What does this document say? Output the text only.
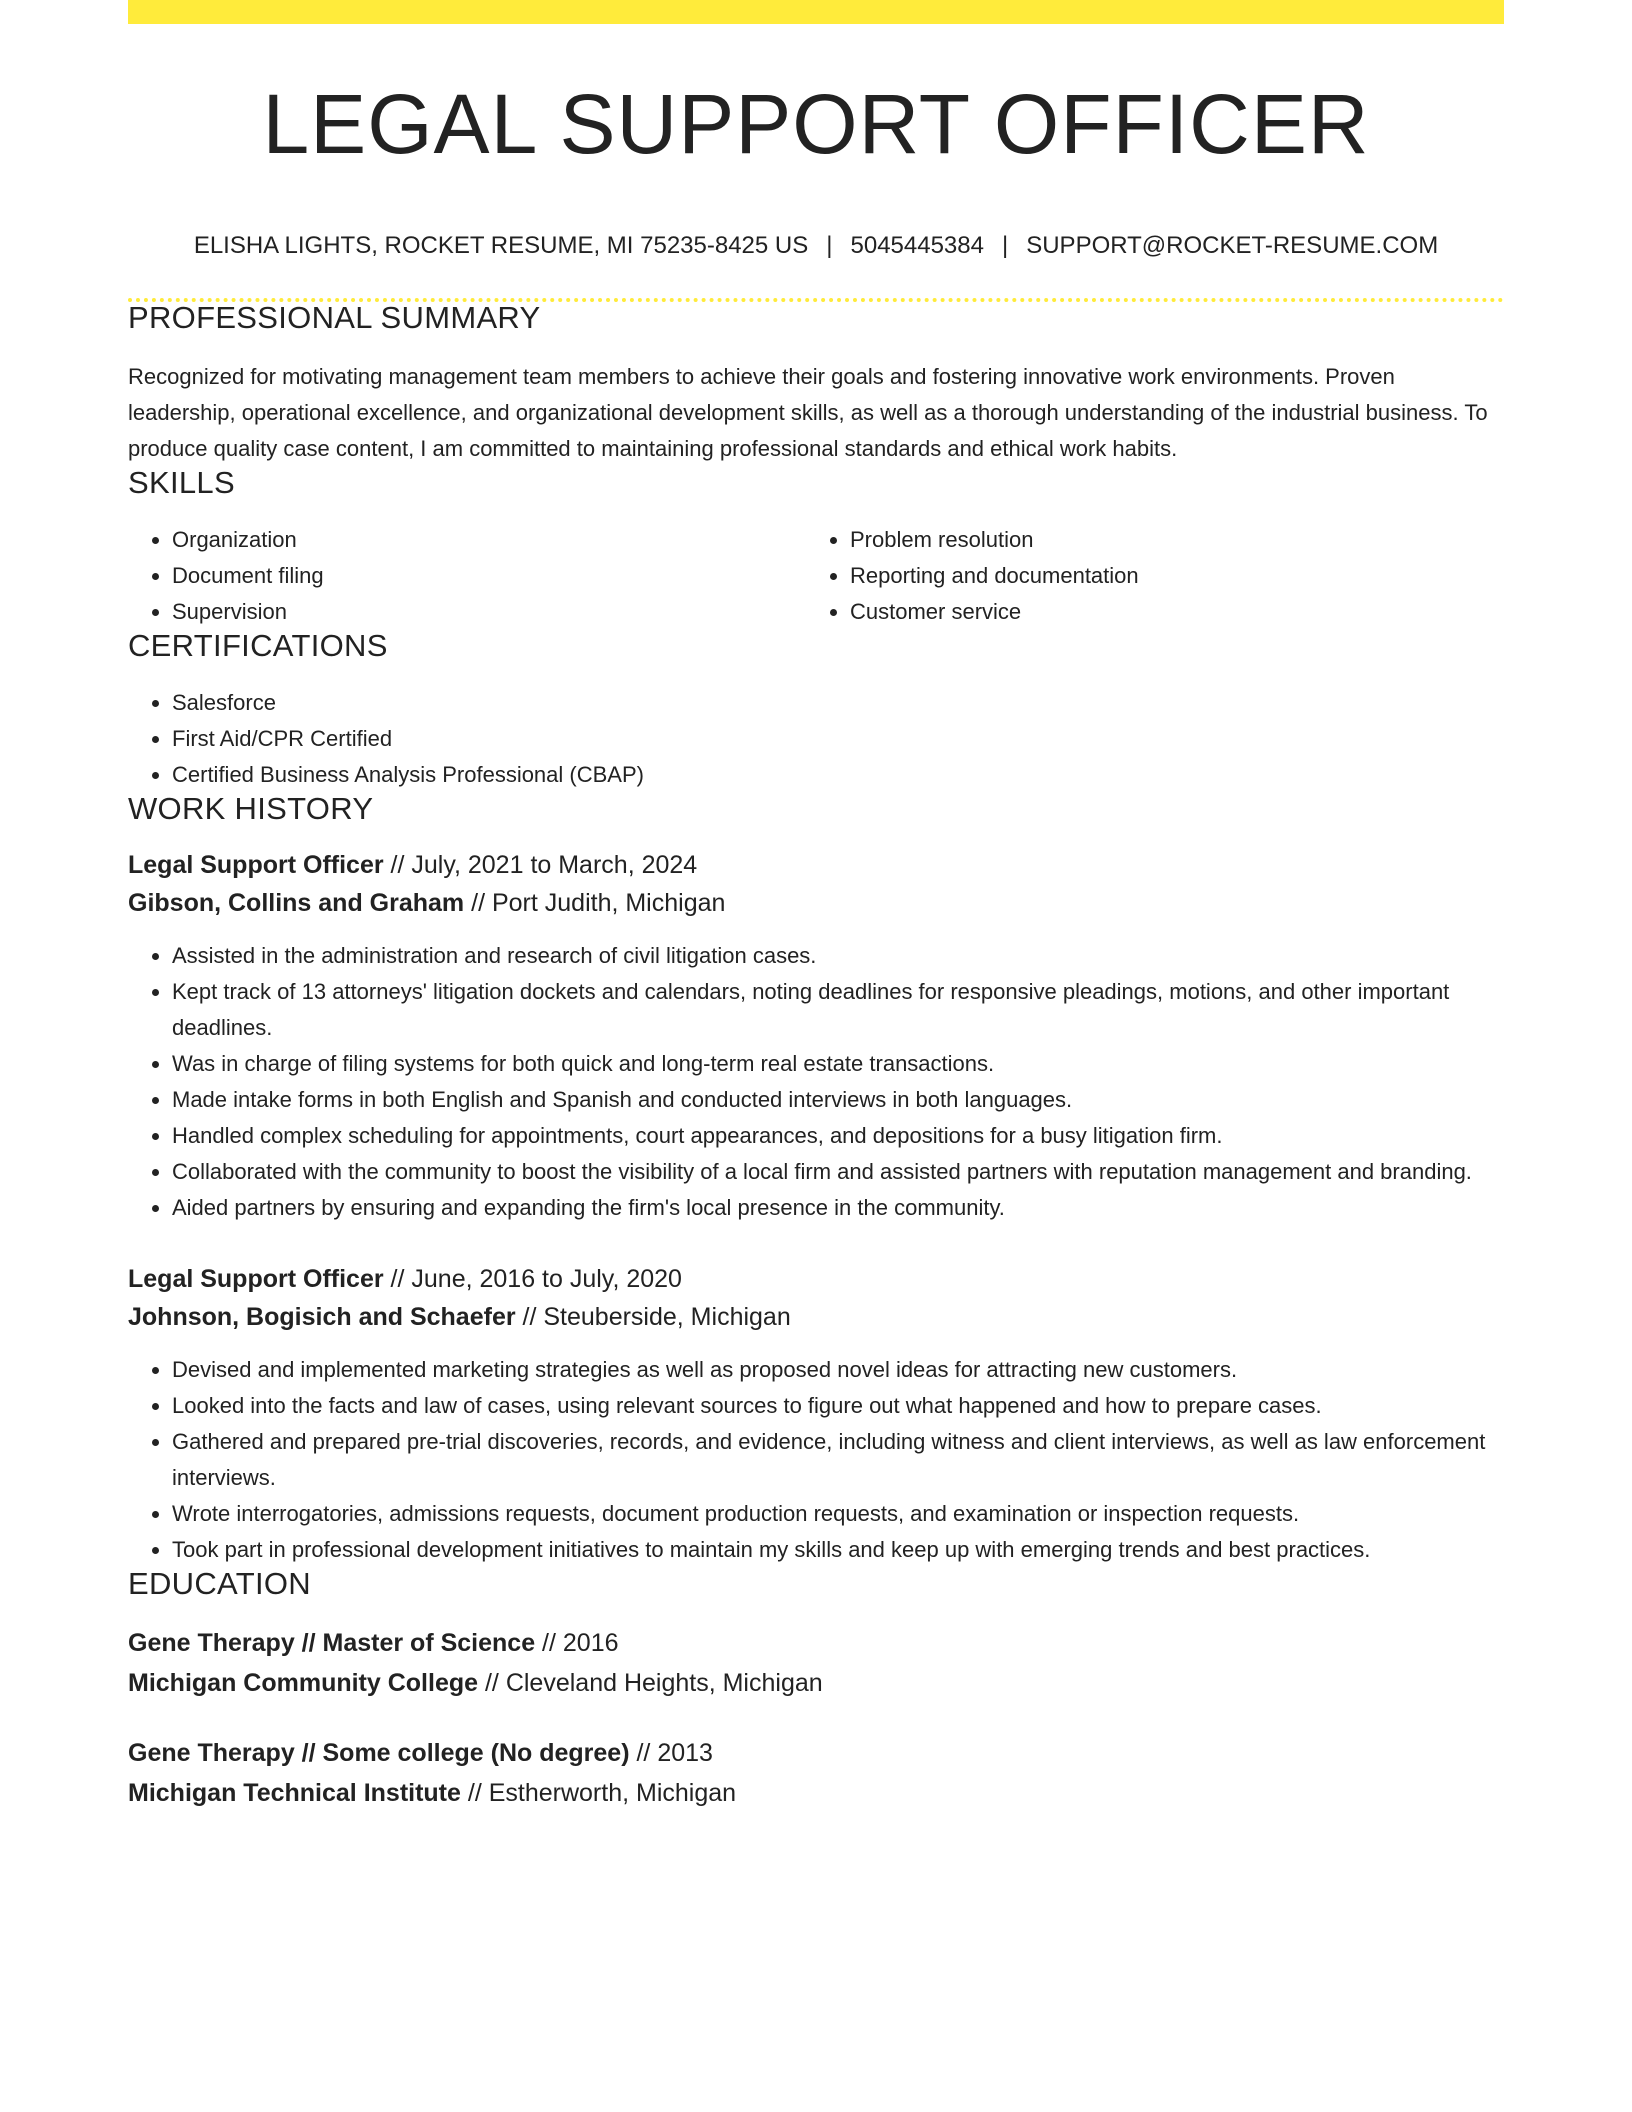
LEGAL SUPPORT OFFICER
ELISHA LIGHTS, ROCKET RESUME, MI 75235-8425 US | 5045445384 | SUPPORT@ROCKET-RESUME.COM
PROFESSIONAL SUMMARY

Recognized for motivating management team members to achieve their goals and fostering innovative work environments. Proven leadership, operational excellence, and organizational development skills, as well as a thorough understanding of the industrial business. To produce quality case content, I am committed to maintaining professional standards and ethical work habits.

SKILLS
• Organization
• Document filing
• Supervision
• Problem resolution
• Reporting and documentation
• Customer service
CERTIFICATIONS
• Salesforce
• First Aid/CPR Certified
• Certified Business Analysis Professional (CBAP)
WORK HISTORY
Legal Support Officer // July, 2021 to March, 2024
Gibson, Collins and Graham // Port Judith, Michigan
• Assisted in the administration and research of civil litigation cases.
• Kept track of 13 attorneys' litigation dockets and calendars, noting deadlines for responsive pleadings, motions, and other important deadlines.
• Was in charge of filing systems for both quick and long-term real estate transactions.
• Made intake forms in both English and Spanish and conducted interviews in both languages.
• Handled complex scheduling for appointments, court appearances, and depositions for a busy litigation firm.
• Collaborated with the community to boost the visibility of a local firm and assisted partners with reputation management and branding.
• Aided partners by ensuring and expanding the firm's local presence in the community.
Legal Support Officer // June, 2016 to July, 2020
Johnson, Bogisich and Schaefer // Steuberside, Michigan
• Devised and implemented marketing strategies as well as proposed novel ideas for attracting new customers.
• Looked into the facts and law of cases, using relevant sources to figure out what happened and how to prepare cases.
• Gathered and prepared pre-trial discoveries, records, and evidence, including witness and client interviews, as well as law enforcement interviews.
• Wrote interrogatories, admissions requests, document production requests, and examination or inspection requests.
• Took part in professional development initiatives to maintain my skills and keep up with emerging trends and best practices.
EDUCATION
Gene Therapy // Master of Science // 2016
Michigan Community College // Cleveland Heights, Michigan
Gene Therapy // Some college (No degree) // 2013
Michigan Technical Institute // Estherworth, Michigan
